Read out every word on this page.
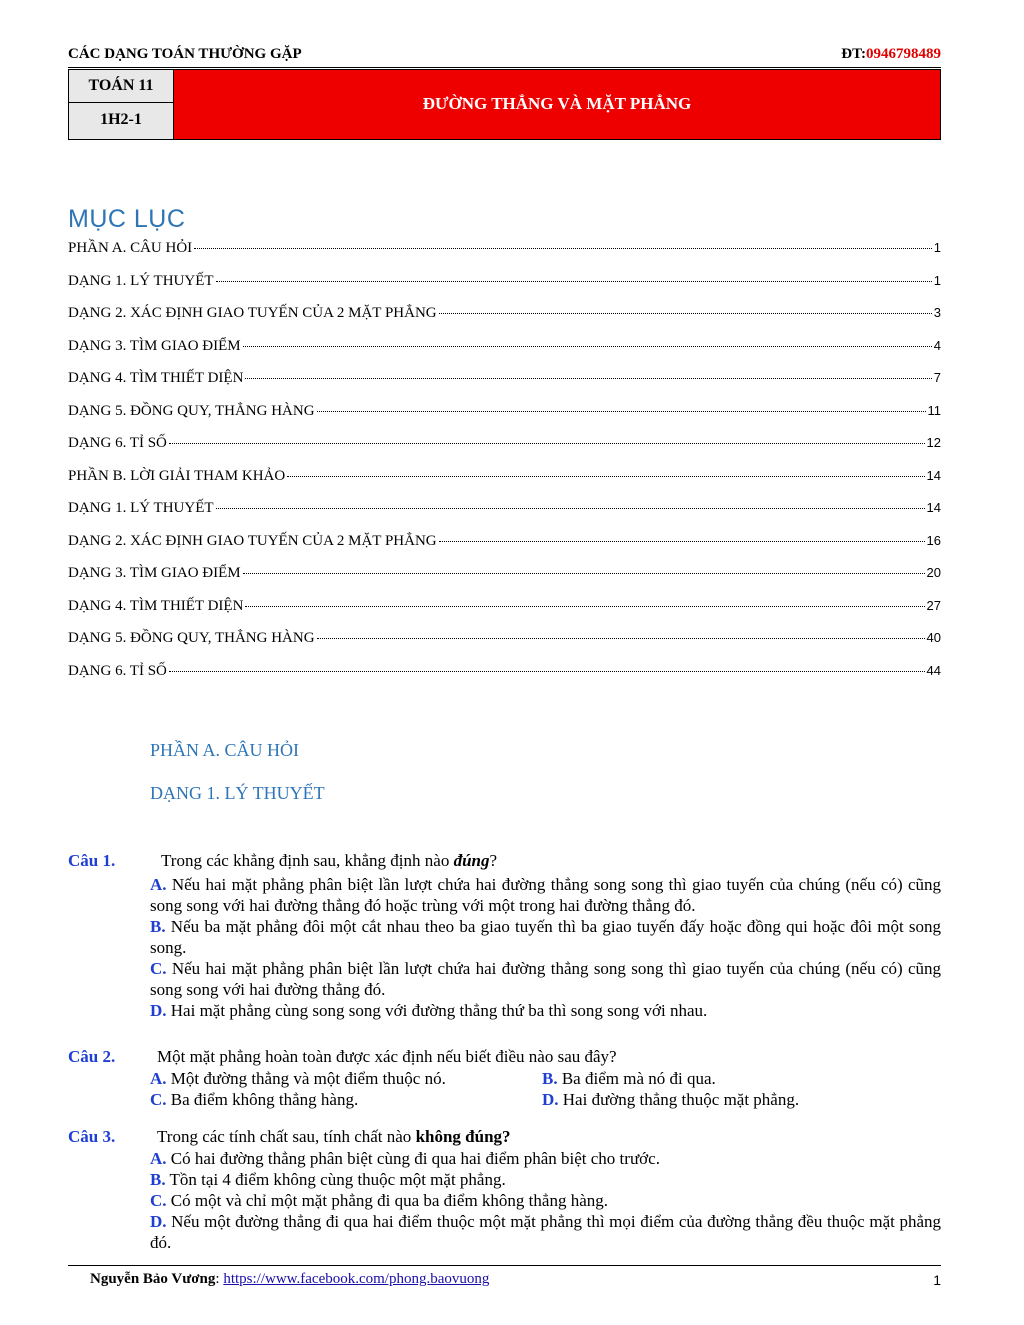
CÁC DẠNG TOÁN THƯỜNG GẶP	ĐT:0946798489
TOÁN 11
1H2-1
ĐƯỜNG THẲNG VÀ MẶT PHẲNG
MỤC LỤC
PHẦN A. CÂU HỎI	1
DẠNG 1. LÝ THUYẾT	1
DẠNG 2. XÁC ĐỊNH GIAO TUYẾN CỦA 2 MẶT PHẲNG	3
DẠNG 3. TÌM GIAO ĐIỂM	4
DẠNG 4. TÌM THIẾT DIỆN	7
DẠNG 5. ĐỒNG QUY, THẲNG HÀNG	11
DẠNG 6. TỈ SỐ	12
PHẦN B. LỜI GIẢI THAM KHẢO	14
DẠNG 1. LÝ THUYẾT	14
DẠNG 2. XÁC ĐỊNH GIAO TUYẾN CỦA 2 MẶT PHẲNG	16
DẠNG 3. TÌM GIAO ĐIỂM	20
DẠNG 4. TÌM THIẾT DIỆN	27
DẠNG 5. ĐỒNG QUY, THẲNG HÀNG	40
DẠNG 6. TỈ SỐ	44
PHẦN A. CÂU HỎI
DẠNG 1. LÝ THUYẾT
Câu 1.	Trong các khẳng định sau, khẳng định nào đúng?
A. Nếu hai mặt phẳng phân biệt lần lượt chứa hai đường thẳng song song thì giao tuyến của chúng (nếu có) cũng song song với hai đường thẳng đó hoặc trùng với một trong hai đường thẳng đó.
B. Nếu ba mặt phẳng đôi một cắt nhau theo ba giao tuyến thì ba giao tuyến đấy hoặc đồng qui hoặc đôi một song song.
C. Nếu hai mặt phẳng phân biệt lần lượt chứa hai đường thẳng song song thì giao tuyến của chúng (nếu có) cũng song song với hai đường thẳng đó.
D. Hai mặt phẳng cùng song song với đường thẳng thứ ba thì song song với nhau.
Câu 2. Một mặt phẳng hoàn toàn được xác định nếu biết điều nào sau đây?
A. Một đường thẳng và một điểm thuộc nó.	B. Ba điểm mà nó đi qua.
C. Ba điểm không thẳng hàng.	D. Hai đường thẳng thuộc mặt phẳng.
Câu 3. Trong các tính chất sau, tính chất nào không đúng?
A. Có hai đường thẳng phân biệt cùng đi qua hai điểm phân biệt cho trước.
B. Tồn tại 4 điểm không cùng thuộc một mặt phẳng.
C. Có một và chỉ một mặt phẳng đi qua ba điểm không thẳng hàng.
D. Nếu một đường thẳng đi qua hai điểm thuộc một mặt phẳng thì mọi điểm của đường thẳng đều thuộc mặt phẳng đó.
Nguyễn Bảo Vương: https://www.facebook.com/phong.baovuong	1
